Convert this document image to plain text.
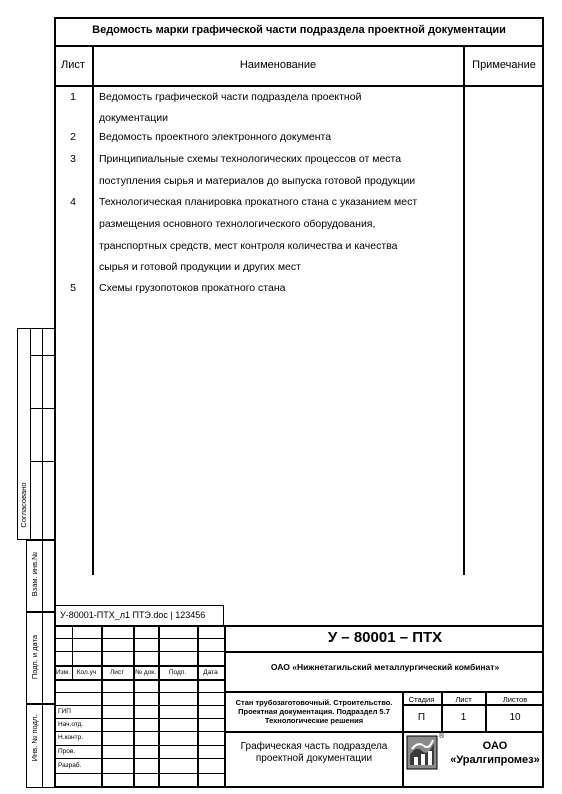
Ведомость марки графической части подраздела проектной документации
Лист	Наименование	Примечание
1	Ведомость графической части подраздела проектной
документации
2	Ведомость проектного электронного документа
3	Принципиальные схемы технологических процессов от места
поступления сырья и материалов до выпуска готовой продукции
4	Технологическая планировка прокатного стана с указанием мест
размещения основного технологического оборудования,
транспортных средств, мест контроля количества и качества
сырья и готовой продукции и других мест
5	Схемы грузопотоков прокатного стана
Согласовано
Взам. инв.№
Подп. и дата
Инв. № подл.
У-80001-ПТХ_л1 ПТЭ.doc | 123456
Изм.	Кол.уч	Лист	№ док.	Подп.	Дата
ГИП
Нач.отд.
Н.контр.
Пров.
Разраб.
У – 80001 – ПТХ
ОАО «Нижнетагильский металлургический комбинат»
Стан трубозаготовочный. Строительство.
Проектная документация. Подраздел 5.7
Технологические решения
Стадия	Лист	Листов
П	1	10
Графическая часть подраздела
проектной документации
®
ОАО
«Уралгипромез»
